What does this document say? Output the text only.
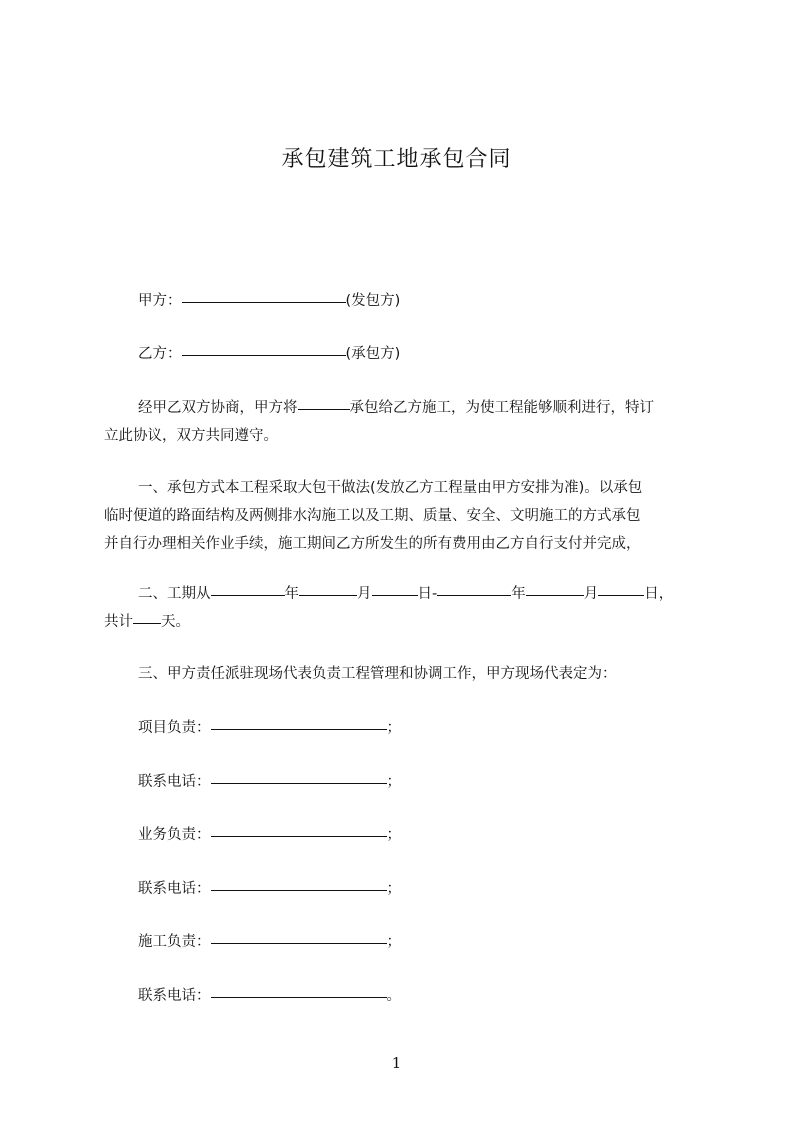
承包建筑工地承包合同
甲方：	(发包方)
乙方：	(承包方)
经甲乙双方协商，甲方将	承包给乙方施工，为使工程能够顺利进行，特订
立此协议，双方共同遵守。
一、承包方式本工程采取大包干做法(发放乙方工程量由甲方安排为准)。以承包
临时便道的路面结构及两侧排水沟施工以及工期、质量、安全、文明施工的方式承包
并自行办理相关作业手续，施工期间乙方所发生的所有费用由乙方自行支付并完成，
二、工期从	年	月	日-	年	月	日，
共计 天。
三、甲方责任派驻现场代表负责工程管理和协调工作，甲方现场代表定为：
项目负责：	；
联系电话：	；
业务负责：	；
联系电话：	；
施工负责：	；
联系电话：	。
1
